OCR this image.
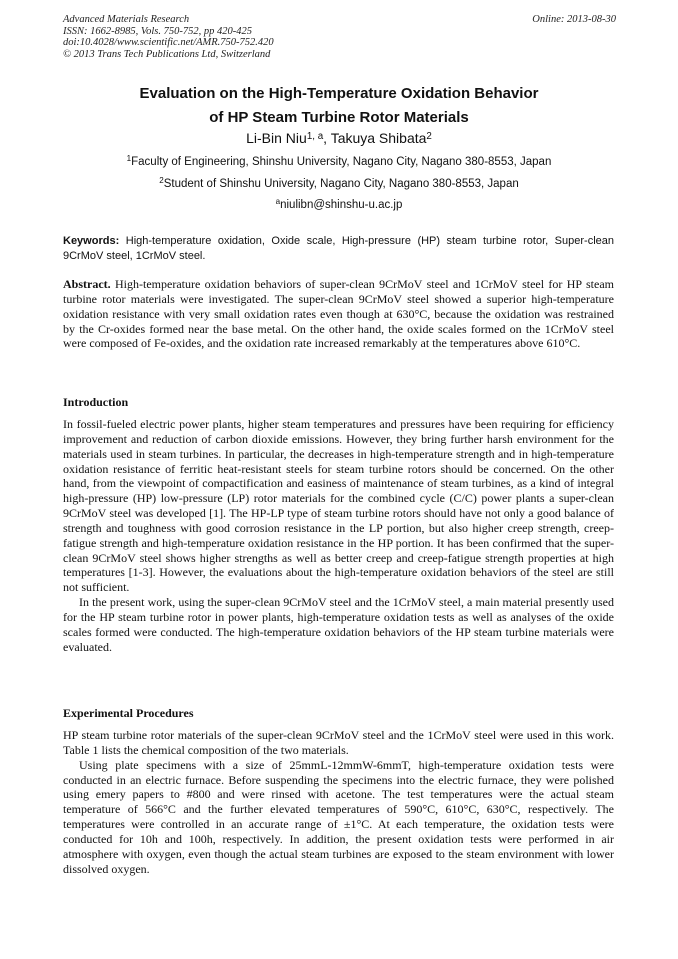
Advanced Materials Research
ISSN: 1662-8985, Vols. 750-752, pp 420-425
doi:10.4028/www.scientific.net/AMR.750-752.420
© 2013 Trans Tech Publications Ltd, Switzerland
Online: 2013-08-30
Evaluation on the High-Temperature Oxidation Behavior
of HP Steam Turbine Rotor Materials
Li-Bin Niu$^{1, a}$, Takuya Shibata$^2$
$^1$Faculty of Engineering, Shinshu University, Nagano City, Nagano 380-8553, Japan
$^2$Student of Shinshu University, Nagano City, Nagano 380-8553, Japan
$^a$niulibn@shinshu-u.ac.jp
Keywords: High-temperature oxidation, Oxide scale, High-pressure (HP) steam turbine rotor, Super-clean 9CrMoV steel, 1CrMoV steel.
Abstract. High-temperature oxidation behaviors of super-clean 9CrMoV steel and 1CrMoV steel for HP steam turbine rotor materials were investigated. The super-clean 9CrMoV steel showed a superior high-temperature oxidation resistance with very small oxidation rates even though at 630°C, because the oxidation was restrained by the Cr-oxides formed near the base metal. On the other hand, the oxide scales formed on the 1CrMoV steel were composed of Fe-oxides, and the oxidation rate increased remarkably at the temperatures above 610°C.
Introduction
In fossil-fueled electric power plants, higher steam temperatures and pressures have been requiring for efficiency improvement and reduction of carbon dioxide emissions. However, they bring further harsh environment for the materials used in steam turbines. In particular, the decreases in high-temperature strength and in high-temperature oxidation resistance of ferritic heat-resistant steels for steam turbine rotors should be concerned. On the other hand, from the viewpoint of compactification and easiness of maintenance of steam turbines, as a kind of integral high-pressure (HP) low-pressure (LP) rotor materials for the combined cycle (C/C) power plants a super-clean 9CrMoV steel was developed [1]. The HP-LP type of steam turbine rotors should have not only a good balance of strength and toughness with good corrosion resistance in the LP portion, but also higher creep strength, creep-fatigue strength and high-temperature oxidation resistance in the HP portion. It has been confirmed that the super-clean 9CrMoV steel shows higher strengths as well as better creep and creep-fatigue strength properties at high temperatures [1-3]. However, the evaluations about the high-temperature oxidation behaviors of the steel are still not sufficient.
In the present work, using the super-clean 9CrMoV steel and the 1CrMoV steel, a main material presently used for the HP steam turbine rotor in power plants, high-temperature oxidation tests as well as analyses of the oxide scales formed were conducted. The high-temperature oxidation behaviors of the HP steam turbine materials were evaluated.
Experimental Procedures
HP steam turbine rotor materials of the super-clean 9CrMoV steel and the 1CrMoV steel were used in this work. Table 1 lists the chemical composition of the two materials.
Using plate specimens with a size of 25mmL-12mmW-6mmT, high-temperature oxidation tests were conducted in an electric furnace. Before suspending the specimens into the electric furnace, they were polished using emery papers to #800 and were rinsed with acetone. The test temperatures were the actual steam temperature of 566°C and the further elevated temperatures of 590°C, 610°C, 630°C, respectively. The temperatures were controlled in an accurate range of ±1°C. At each temperature, the oxidation tests were conducted for 10h and 100h, respectively. In addition, the present oxidation tests were performed in air atmosphere with oxygen, even though the actual steam turbines are exposed to the steam environment with lower dissolved oxygen.
